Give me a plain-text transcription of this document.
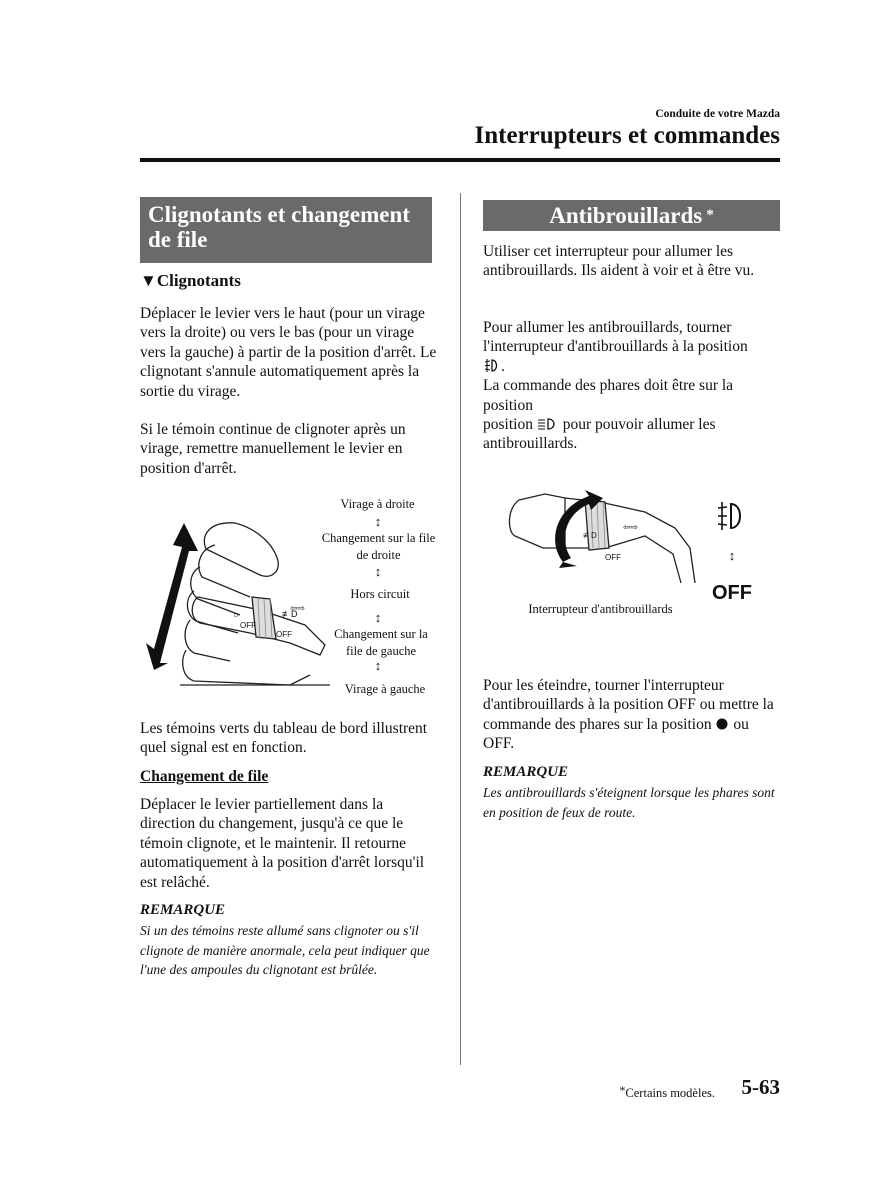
Conduite de votre Mazda
Interrupteurs et commandes
Clignotants et changement de file
▼Clignotants
Déplacer le levier vers le haut (pour un virage vers la droite) ou vers le bas (pour un virage vers la gauche) à partir de la position d'arrêt. Le clignotant s'annule automatiquement après la sortie du virage.
Si le témoin continue de clignoter après un virage, remettre manuellement le levier en position d'arrêt.
☼
OFF
OFF
≢D
⇦⇨
Virage à droite
↕
Changement sur la file de droite
↕
Hors circuit
↕
Changement sur la file de gauche
↕
Virage à gauche
Les témoins verts du tableau de bord illustrent quel signal est en fonction.
Changement de file
Déplacer le levier partiellement dans la direction du changement, jusqu'à ce que le témoin clignote, et le maintenir. Il retourne automatiquement à la position d'arrêt lorsqu'il est relâché.
REMARQUE
Si un des témoins reste allumé sans clignoter ou s'il clignote de manière anormale, cela peut indiquer que l'une des ampoules du clignotant est brûlée.
Antibrouillards *
Utiliser cet interrupteur pour allumer les antibrouillards. Ils aident à voir et à être vu.
Pour allumer les antibrouillards, tourner l'interrupteur d'antibrouillards à la position
.
La commande des phares doit être sur la position
position  pour pouvoir allumer les antibrouillards.
☼
≢D
OFF
⇦⇨
↕
OFF
Interrupteur d'antibrouillards
Pour les éteindre, tourner l'interrupteur d'antibrouillards à la position OFF ou mettre la commande des phares sur la position ou OFF.
REMARQUE
Les antibrouillards s'éteignent lorsque les phares sont en position de feux de route.
*Certains modèles. 5-63
